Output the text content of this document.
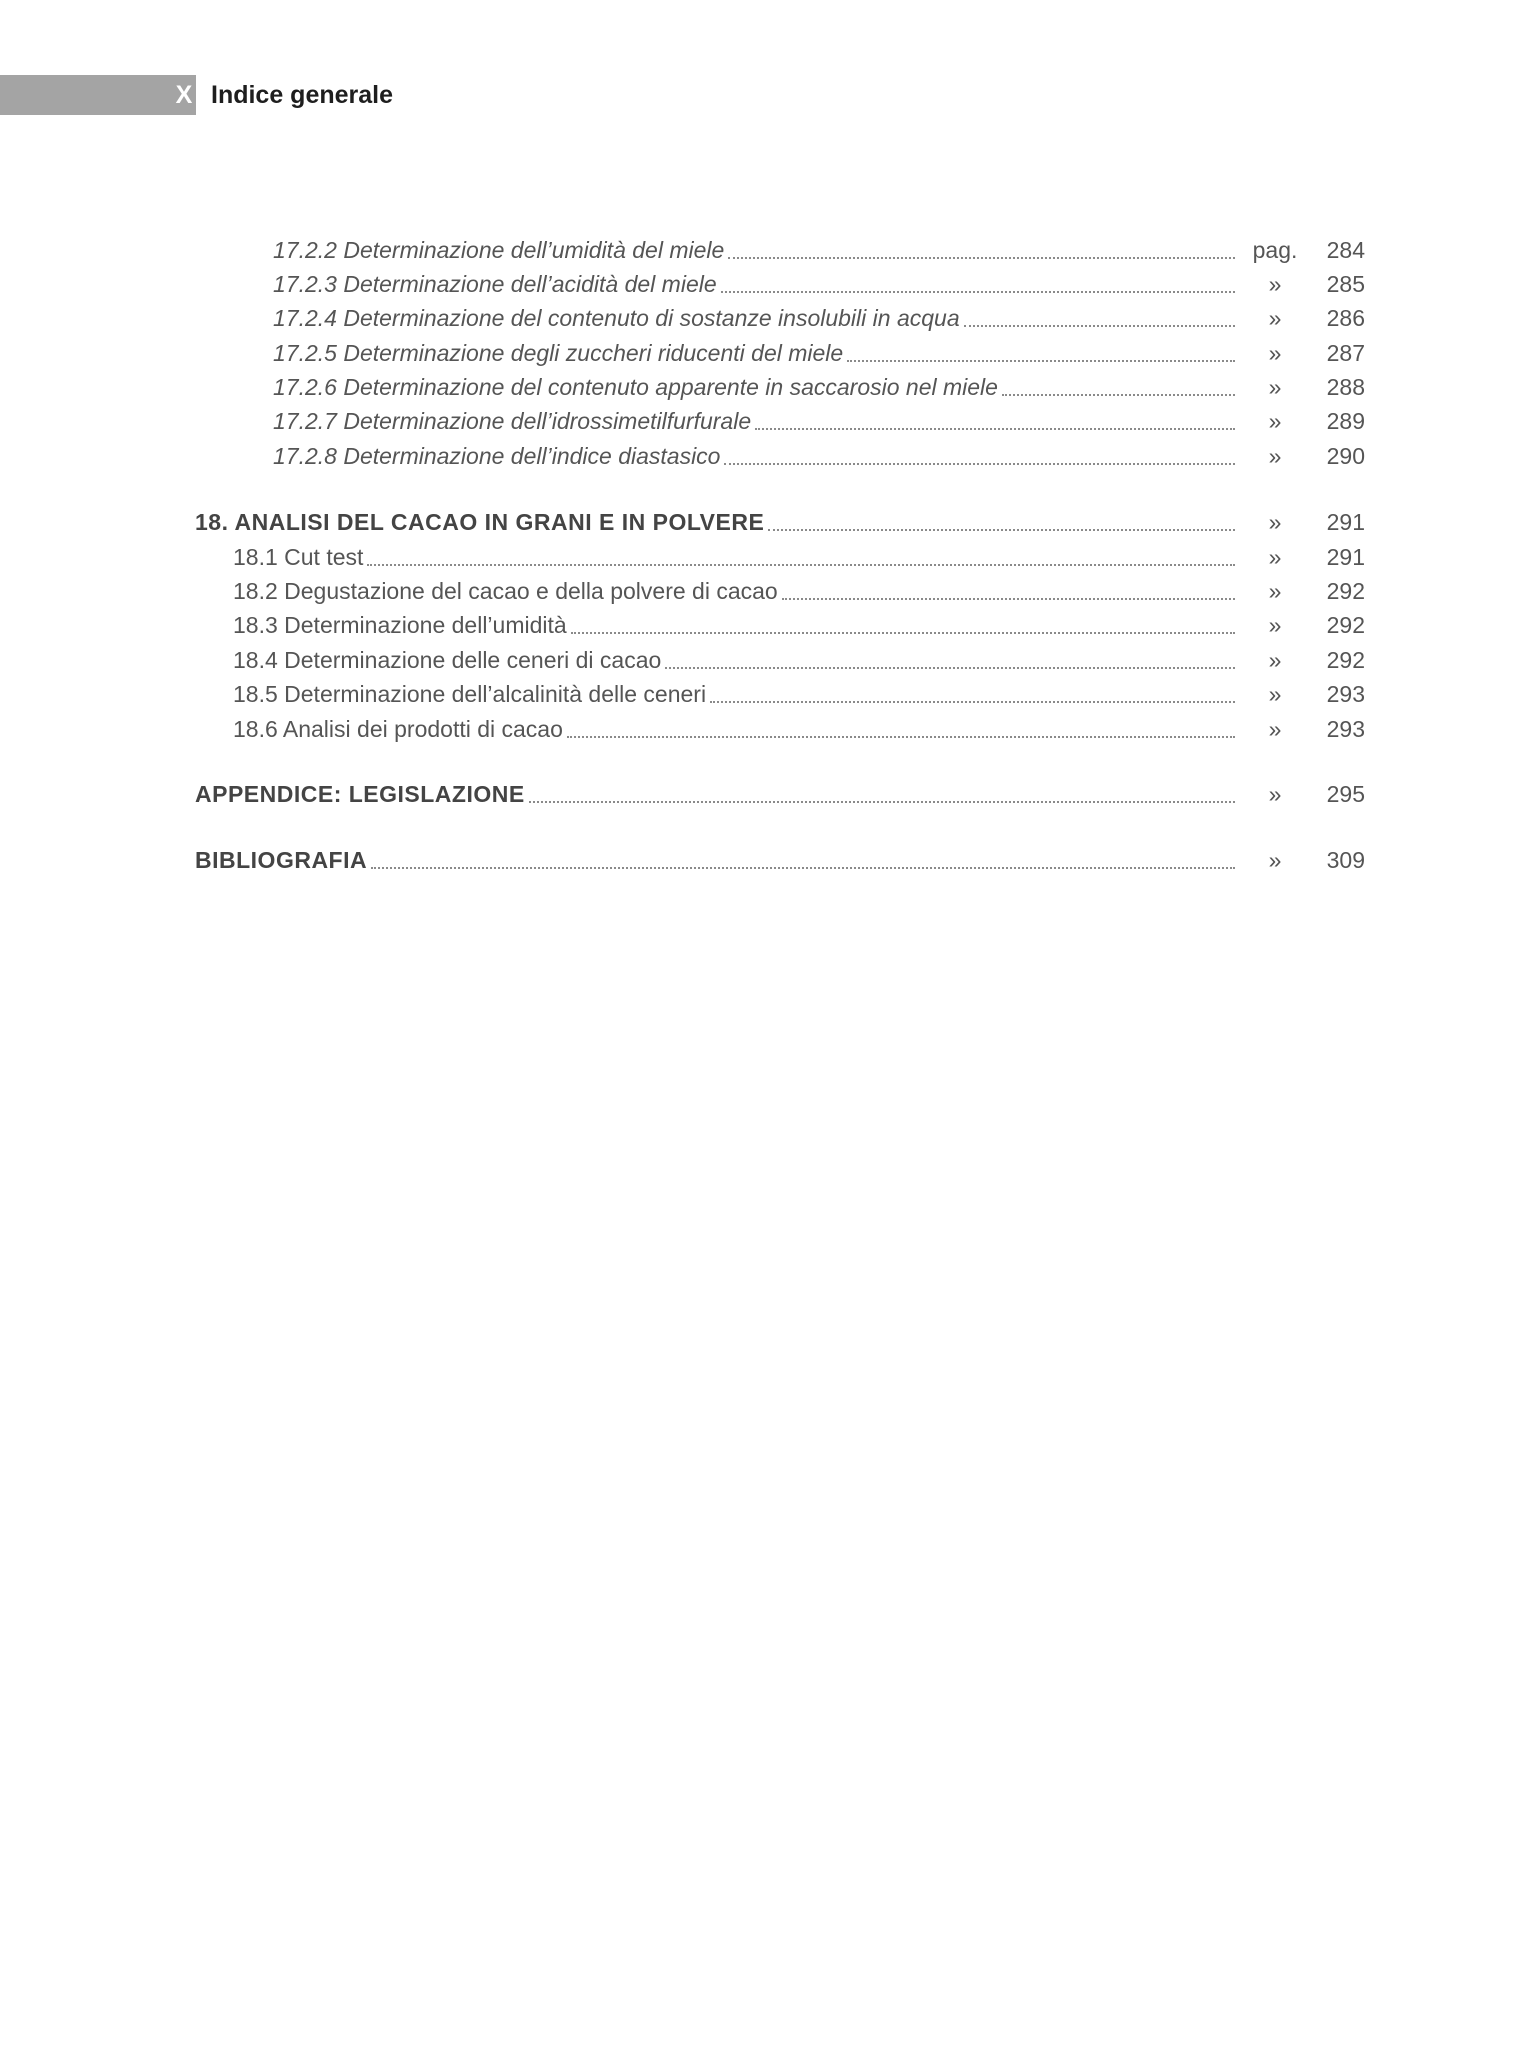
X Indice generale
17.2.2 Determinazione dell’umidità del miele	pag.	284
17.2.3 Determinazione dell’acidità del miele	»	285
17.2.4 Determinazione del contenuto di sostanze insolubili in acqua	»	286
17.2.5 Determinazione degli zuccheri riducenti del miele	»	287
17.2.6 Determinazione del contenuto apparente in saccarosio nel miele	»	288
17.2.7 Determinazione dell’idrossimetilfurfurale	»	289
17.2.8 Determinazione dell’indice diastasico	»	290
18. ANALISI DEL CACAO IN GRANI E IN POLVERE	»	291
18.1 Cut test	»	291
18.2 Degustazione del cacao e della polvere di cacao	»	292
18.3 Determinazione dell’umidità	»	292
18.4 Determinazione delle ceneri di cacao	»	292
18.5 Determinazione dell’alcalinità delle ceneri	»	293
18.6 Analisi dei prodotti di cacao	»	293
APPENDICE: LEGISLAZIONE	»	295
BIBLIOGRAFIA	»	309
